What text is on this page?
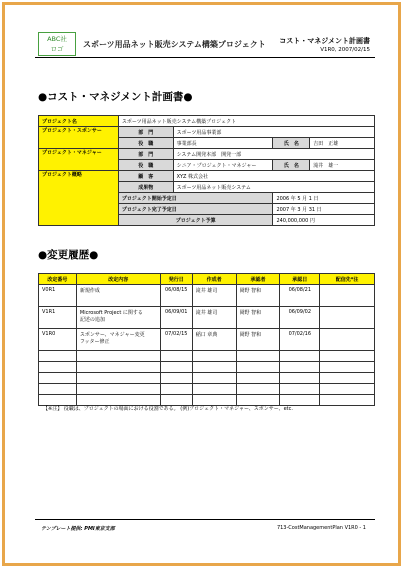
ABC社
ロゴ	スポーツ用品ネット販売システム構築プロジェクト コスト・マネジメント計画書
V1R0, 2007/02/15
●コスト・マネジメント計画書●
プロジェクト名	スポーツ用品ネット販売システム構築プロジェクト			
プロジェクト・スポンサー	部　門	スポーツ用品事業部		
	役　職	事業部長	氏　名	吉田　正雄
プロジェクト・マネジャー	部　門	システム開発本部　開発一部		
	役　職	シニア・プロジェクト・マネジャー	氏　名	滝井　雄一
プロジェクト概略	顧　客	XYZ 株式会社		
	成果物	スポーツ用品ネット販売システム		
	プロジェクト開始予定日		2006 年 5 月 1 日	
	プロジェクト完了予定日		2007 年 3 月 31 日	
	プロジェクト予算		240,000,000 円	
●変更履歴●
改定番号	改定内容	発行日	作成者	承認者	承認日	配信先*注
V0R1	新規作成	06/08/15	滝井 雄司	岡野 智和	06/08/21	
V1R1	Microsoft Project に関する
記述の追加	06/09/01	滝井 雄司	岡野 智和	06/09/02	
V1R0	スポンサー、マネジャー変更
フッター修正	07/02/15	稲口 章典	岡野 智和	07/02/16	

【※注】 役職は、プロジェクトの場面における役割である。 (例)プロジェクト・マネジャー、スポンサー、etc.
テンプレート提供: PMI東京支部	713-CostManagementPlan V1R0 - 1
